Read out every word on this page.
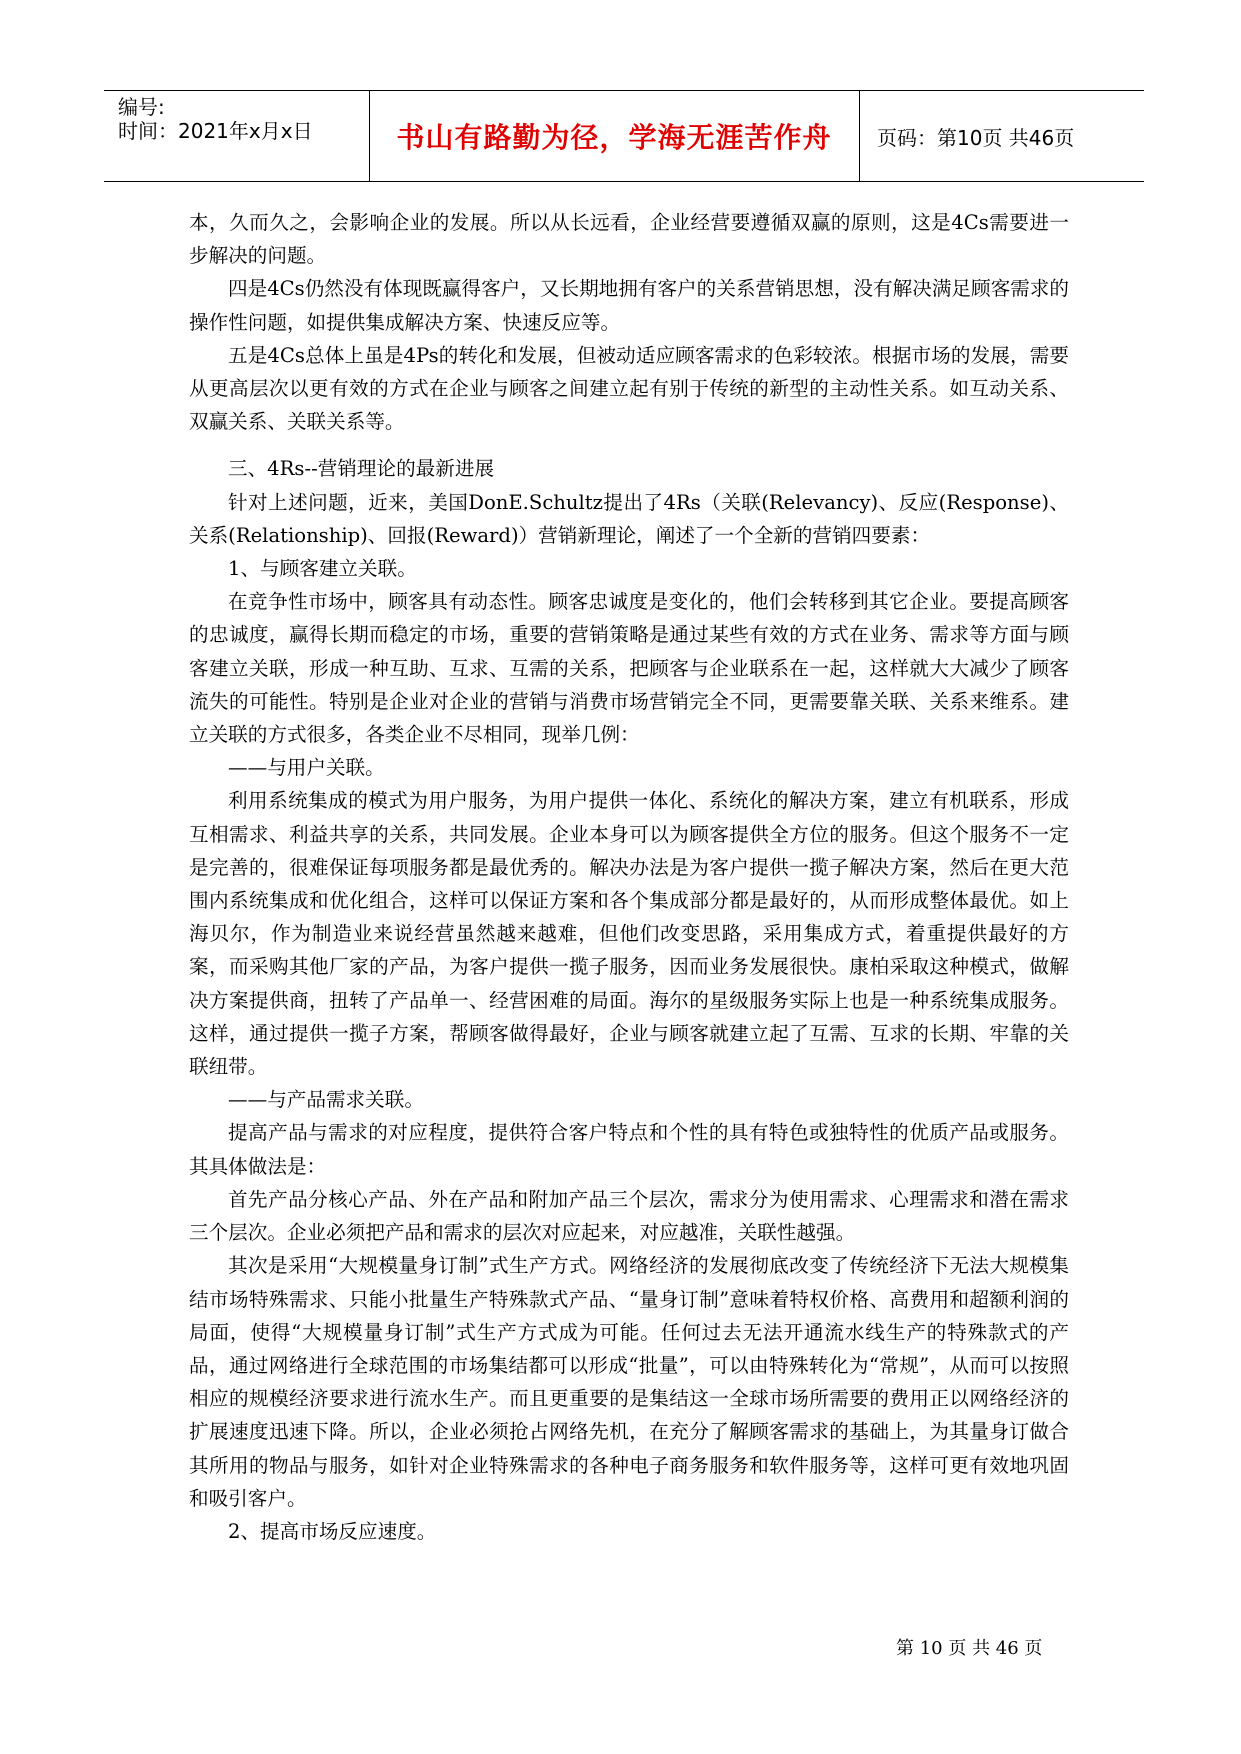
编号:
时间：2021年x月x日	书山有路勤为径，学海无涯苦作舟 页码：第10页 共46页

本，久而久之，会影响企业的发展。所以从长远看，企业经营要遵循双赢的原则，这是4Cs需要进一步解决的问题。

四是4Cs仍然没有体现既赢得客户，又长期地拥有客户的关系营销思想，没有解决满足顾客需求的操作性问题，如提供集成解决方案、快速反应等。

五是4Cs总体上虽是4Ps的转化和发展，但被动适应顾客需求的色彩较浓。根据市场的发展，需要从更高层次以更有效的方式在企业与顾客之间建立起有别于传统的新型的主动性关系。如互动关系、双赢关系、关联关系等。

三、4Rs--营销理论的最新进展

针对上述问题，近来，美国DonE.Schultz提出了4Rs（关联(Relevancy)、反应(Response)、关系(Relationship)、回报(Reward)）营销新理论，阐述了一个全新的营销四要素：

1、与顾客建立关联。

在竞争性市场中，顾客具有动态性。顾客忠诚度是变化的，他们会转移到其它企业。要提高顾客的忠诚度，赢得长期而稳定的市场，重要的营销策略是通过某些有效的方式在业务、需求等方面与顾客建立关联，形成一种互助、互求、互需的关系，把顾客与企业联系在一起，这样就大大减少了顾客流失的可能性。特别是企业对企业的营销与消费市场营销完全不同，更需要靠关联、关系来维系。建立关联的方式很多，各类企业不尽相同，现举几例：

——与用户关联。

利用系统集成的模式为用户服务，为用户提供一体化、系统化的解决方案，建立有机联系，形成互相需求、利益共享的关系，共同发展。企业本身可以为顾客提供全方位的服务。但这个服务不一定是完善的，很难保证每项服务都是最优秀的。解决办法是为客户提供一揽子解决方案，然后在更大范围内系统集成和优化组合，这样可以保证方案和各个集成部分都是最好的，从而形成整体最优。如上海贝尔，作为制造业来说经营虽然越来越难，但他们改变思路，采用集成方式，着重提供最好的方案，而采购其他厂家的产品，为客户提供一揽子服务，因而业务发展很快。康柏采取这种模式，做解决方案提供商，扭转了产品单一、经营困难的局面。海尔的星级服务实际上也是一种系统集成服务。这样，通过提供一揽子方案，帮顾客做得最好，企业与顾客就建立起了互需、互求的长期、牢靠的关联纽带。

——与产品需求关联。

提高产品与需求的对应程度，提供符合客户特点和个性的具有特色或独特性的优质产品或服务。其具体做法是：

首先产品分核心产品、外在产品和附加产品三个层次，需求分为使用需求、心理需求和潜在需求三个层次。企业必须把产品和需求的层次对应起来，对应越准，关联性越强。

其次是采用“大规模量身订制”式生产方式。网络经济的发展彻底改变了传统经济下无法大规模集结市场特殊需求、只能小批量生产特殊款式产品、“量身订制”意味着特权价格、高费用和超额利润的局面，使得“大规模量身订制”式生产方式成为可能。任何过去无法开通流水线生产的特殊款式的产品，通过网络进行全球范围的市场集结都可以形成“批量”，可以由特殊转化为“常规”，从而可以按照相应的规模经济要求进行流水生产。而且更重要的是集结这一全球市场所需要的费用正以网络经济的扩展速度迅速下降。所以，企业必须抢占网络先机，在充分了解顾客需求的基础上，为其量身订做合其所用的物品与服务，如针对企业特殊需求的各种电子商务服务和软件服务等，这样可更有效地巩固和吸引客户。

2、提高市场反应速度。

第 10 页 共 46 页
